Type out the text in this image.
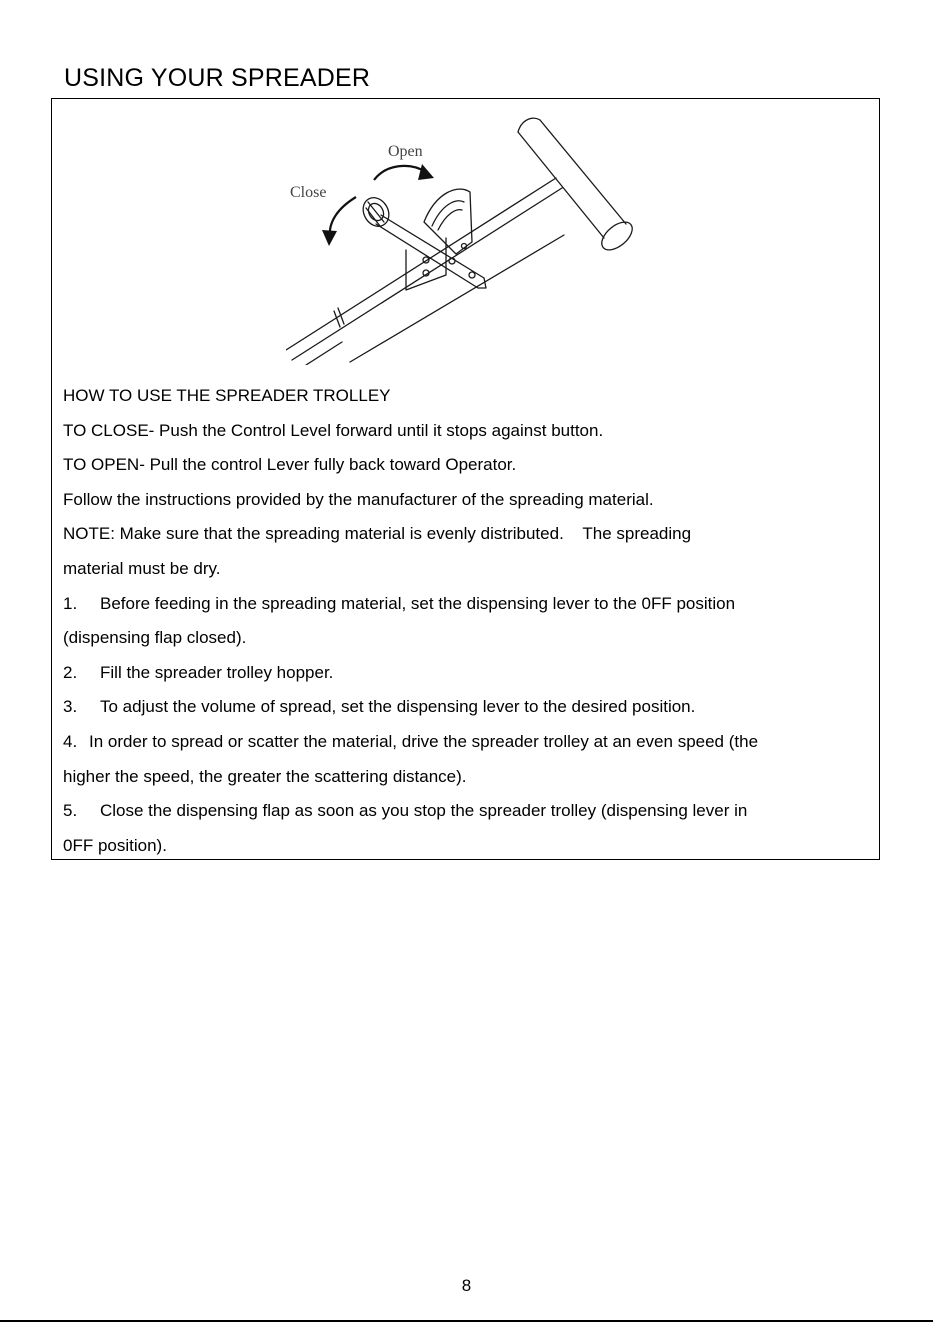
USING YOUR SPREADER
Open
Close
HOW TO USE THE SPREADER TROLLEY
TO CLOSE- Push the Control Level forward until it stops against button.
TO OPEN- Pull the control Lever fully back toward Operator.
Follow the instructions provided by the manufacturer of the spreading material.
NOTE: Make sure that the spreading material is evenly distributed.    The spreading
material must be dry.
1. Before feeding in the spreading material, set the dispensing lever to the 0FF position
(dispensing flap closed).
2. Fill the spreader trolley hopper.
3. To adjust the volume of spread, set the dispensing lever to the desired position.
4. In order to spread or scatter the material, drive the spreader trolley at an even speed (the
higher the speed, the greater the scattering distance).
5. Close the dispensing flap as soon as you stop the spreader trolley (dispensing lever in
0FF position).
8
